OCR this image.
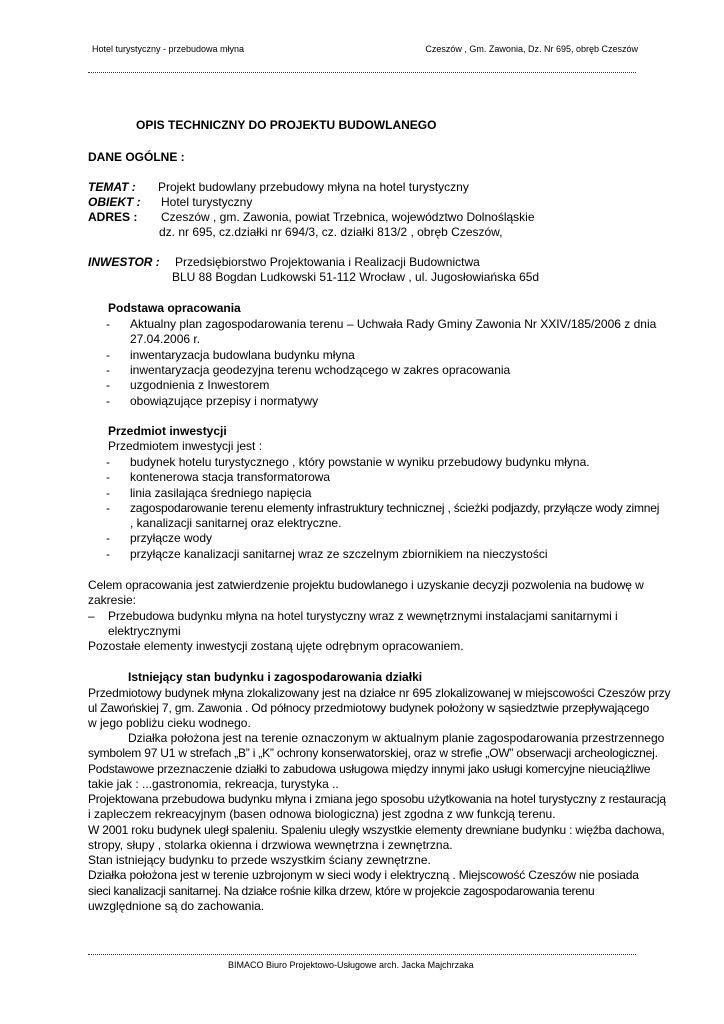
Hotel turystyczny - przebudowa młyna	Czeszów , Gm. Zawonia, Dz. Nr 695, obręb Czeszów
OPIS TECHNICZNY DO PROJEKTU BUDOWLANEGO
DANE OGÓLNE :
TEMAT : Projekt budowlany przebudowy młyna na hotel turystyczny
OBIEKT : Hotel turystyczny
ADRES : Czeszów , gm. Zawonia, powiat Trzebnica, województwo Dolnośląskie
dz. nr 695, cz.działki nr 694/3, cz. działki 813/2 , obręb Czeszów,
INWESTOR : Przedsiębiorstwo Projektowania i Realizacji Budownictwa
BLU 88 Bogdan Ludkowski 51-112 Wrocław , ul. Jugosłowiańska 65d
Podstawa opracowania
- Aktualny plan zagospodarowania terenu – Uchwała Rady Gminy Zawonia Nr XXIV/185/2006 z dnia
27.04.2006 r.
- inwentaryzacja budowlana budynku młyna
- inwentaryzacja geodezyjna terenu wchodzącego w zakres opracowania
- uzgodnienia z Inwestorem
- obowiązujące przepisy i normatywy
Przedmiot inwestycji
Przedmiotem inwestycji jest :
- budynek hotelu turystycznego , który powstanie w wyniku przebudowy budynku młyna.
- kontenerowa stacja transformatorowa
- linia zasilająca średniego napięcia
- zagospodarowanie terenu elementy infrastruktury technicznej , ścieżki podjazdy, przyłącze wody zimnej
, kanalizacji sanitarnej oraz elektryczne.
- przyłącze wody
- przyłącze kanalizacji sanitarnej wraz ze szczelnym zbiornikiem na nieczystości
Celem opracowania jest zatwierdzenie projektu budowlanego i uzyskanie decyzji pozwolenia na budowę w
zakresie:
– Przebudowa budynku młyna na hotel turystyczny wraz z wewnętrznymi instalacjami sanitarnymi i
elektrycznymi
Pozostałe elementy inwestycji zostaną ujęte odrębnym opracowaniem.
Istniejący stan budynku i zagospodarowania działki
Przedmiotowy budynek młyna zlokalizowany jest na działce nr 695 zlokalizowanej w miejscowości Czeszów przy
ul Zawońskiej 7, gm. Zawonia . Od północy przedmiotowy budynek położony w sąsiedztwie przepływającego
w jego pobliżu cieku wodnego.
Działka położona jest na terenie oznaczonym w aktualnym planie zagospodarowania przestrzennego
symbolem 97 U1 w strefach „B” i „K” ochrony konserwatorskiej, oraz w strefie „OW” obserwacji archeologicznej.
Podstawowe przeznaczenie działki to zabudowa usługowa między innymi jako usługi komercyjne nieuciążliwe
takie jak : ...gastronomia, rekreacja, turystyka ..
Projektowana przebudowa budynku młyna i zmiana jego sposobu użytkowania na hotel turystyczny z restauracją
i zapleczem rekreacyjnym (basen odnowa biologiczna) jest zgodna z ww funkcją terenu.
W 2001 roku budynek uległ spaleniu. Spaleniu uległy wszystkie elementy drewniane budynku : więźba dachowa,
stropy, słupy , stolarka okienna i drzwiowa wewnętrzna i zewnętrzna.
Stan istniejący budynku to przede wszystkim ściany zewnętrzne.
Działka położona jest w terenie uzbrojonym w sieci wody i elektryczną . Miejscowość Czeszów nie posiada
sieci kanalizacji sanitarnej. Na działce rośnie kilka drzew, które w projekcie zagospodarowania terenu
uwzględnione są do zachowania.
BIMACO Biuro Projektowo-Usługowe arch. Jacka Majchrzaka
